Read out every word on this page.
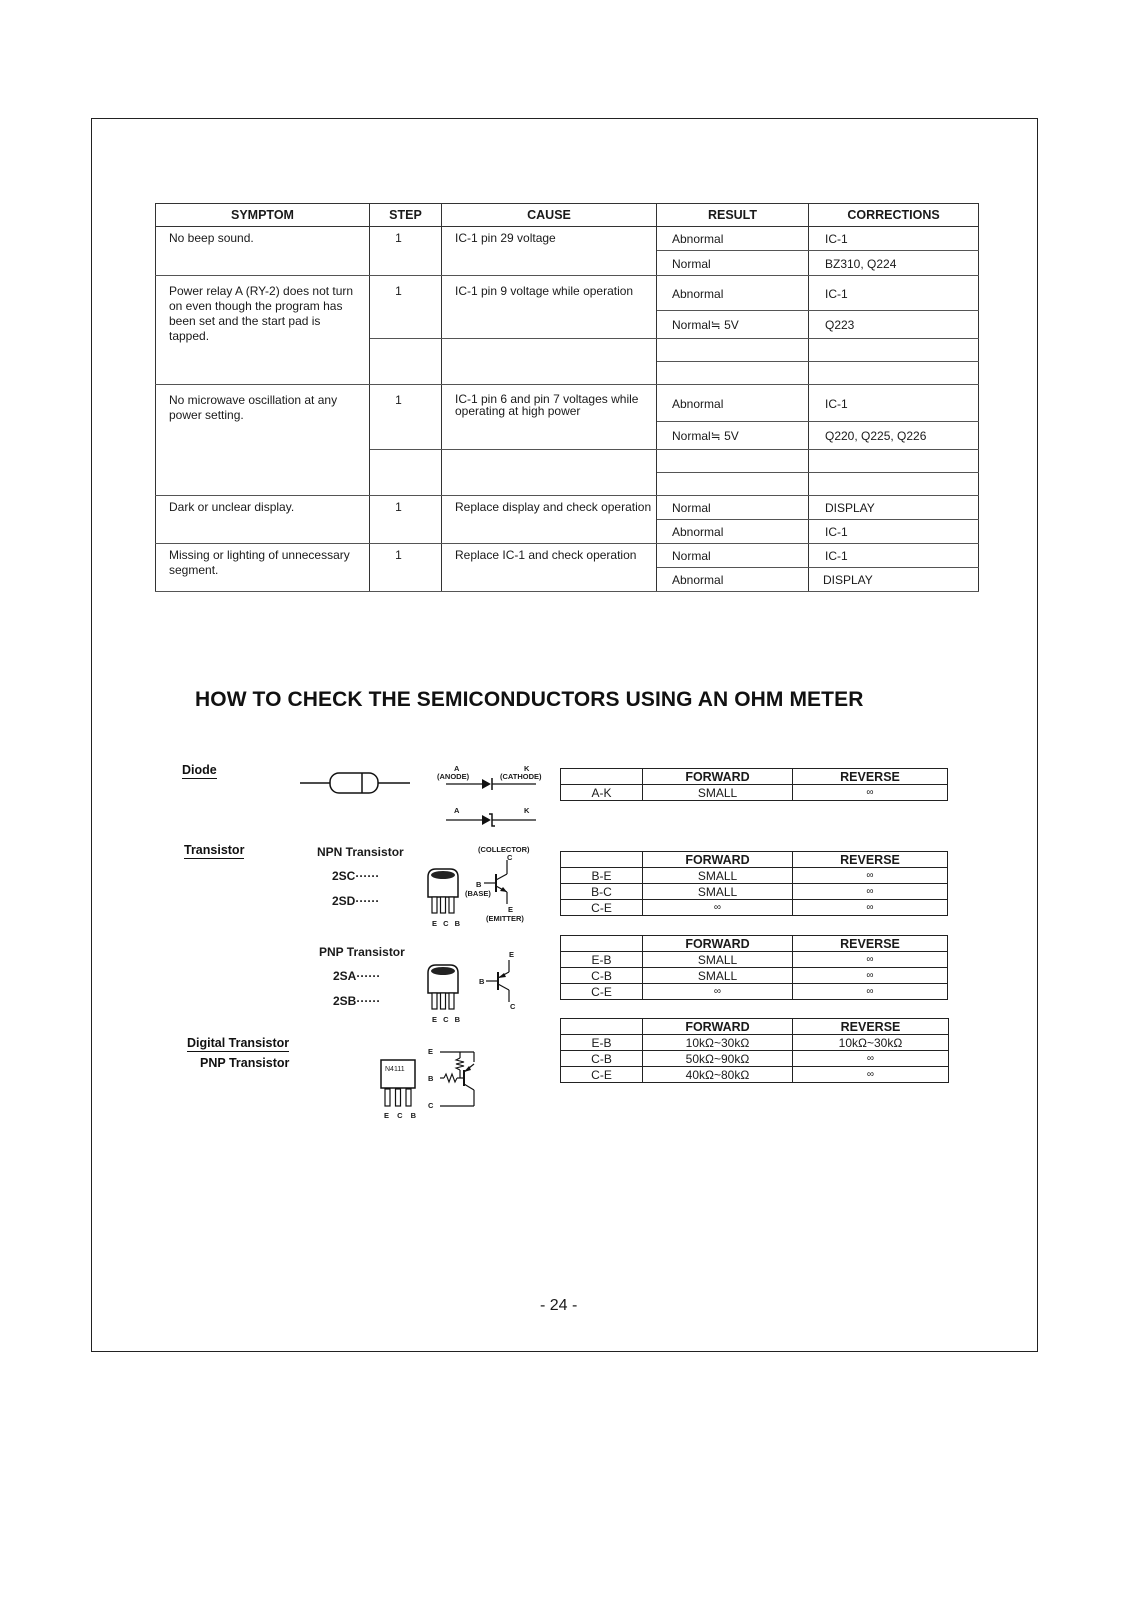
SYMPTOM	STEP	CAUSE	RESULT	CORRECTIONS
No beep sound.	1	IC-1 pin 29 voltage	Abnormal	IC-1
			Normal	BZ310, Q224
Power relay A (RY-2) does not turn on even though the program has been set and the start pad is tapped.	1	IC-1 pin 9 voltage while operation	Abnormal	IC-1
			Normal≒ 5V	Q223

No microwave oscillation at any power setting.	1	IC-1 pin 6 and pin 7 voltages while operating at high power	Abnormal	IC-1
			Normal≒ 5V	Q220, Q225, Q226

Dark or unclear display.	1	Replace display and check operation	Normal	DISPLAY
			Abnormal	IC-1
Missing or lighting of unnecessary segment.	1	Replace IC-1 and check operation	Normal	IC-1
			Abnormal	DISPLAY
HOW TO CHECK THE SEMICONDUCTORS USING AN OHM METER
Diode	A	K
(ANODE)	(CATHODE)
A	K
	FORWARD	REVERSE
A-K	SMALL	∞
Transistor	NPN Transistor
2SC······
2SD······
E C B
(COLLECTOR)
C
B
(BASE)
E
(EMITTER)
	FORWARD	REVERSE
B-E	SMALL	∞
B-C	SMALL	∞
C-E	∞	∞
PNP Transistor
2SA······
2SB······
E C B
E
B
C
	FORWARD	REVERSE
E-B	SMALL	∞
C-B	SMALL	∞
C-E	∞	∞
Digital Transistor
PNP Transistor	N4111
E C B
E
B
C
	FORWARD	REVERSE
E-B	10kΩ~30kΩ	10kΩ~30kΩ
C-B	50kΩ~90kΩ	∞
C-E	40kΩ~80kΩ	∞
- 24 -
